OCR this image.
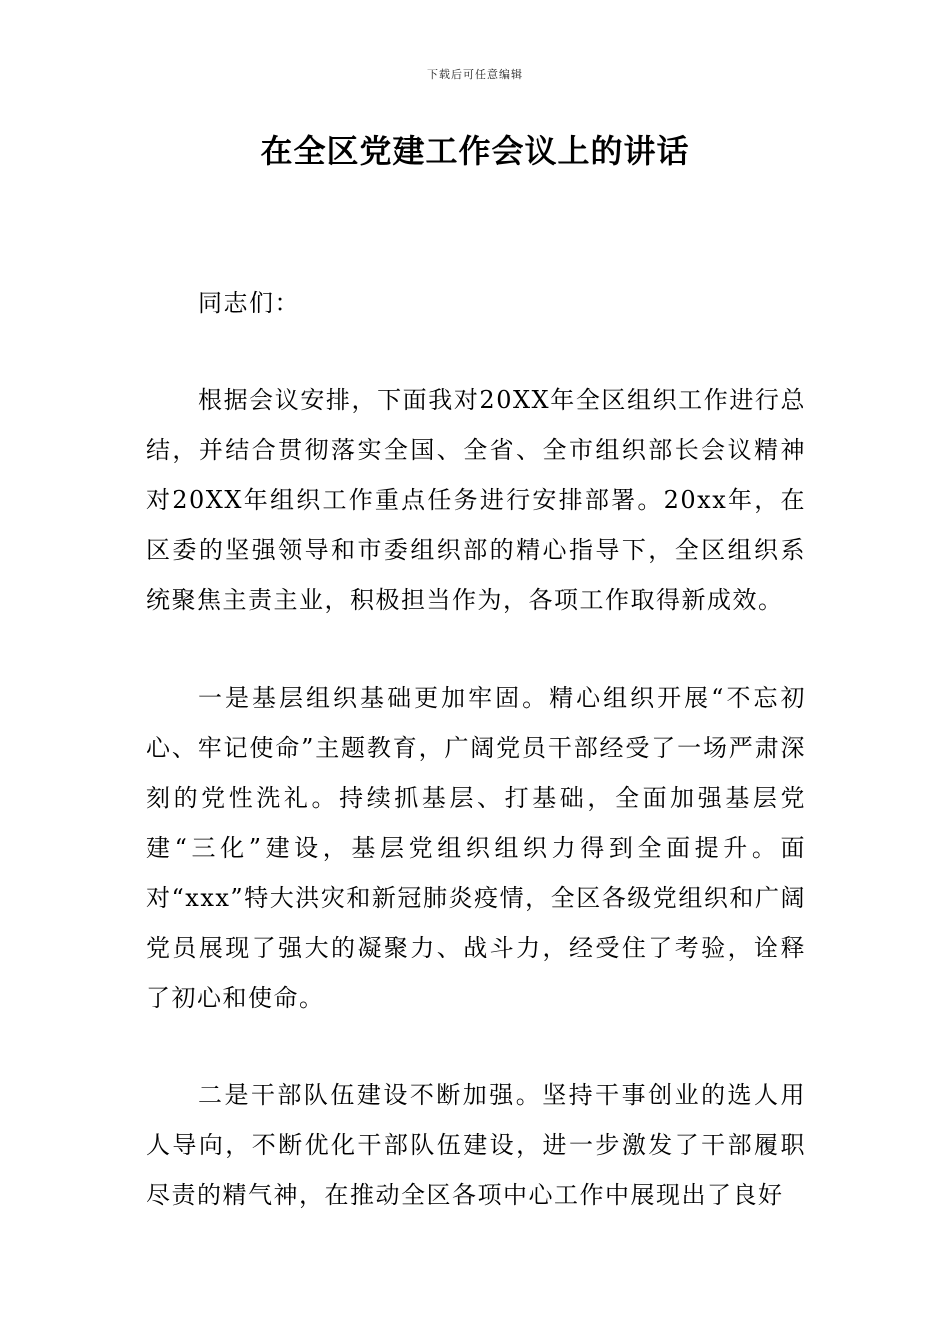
下载后可任意编辑
在全区党建工作会议上的讲话

同志们：

根据会议安排，下面我对20XX年全区组织工作进行总结，并结合贯彻落实全国、全省、全市组织部长会议精神对20XX年组织工作重点任务进行安排部署。20xx年，在区委的坚强领导和市委组织部的精心指导下，全区组织系统聚焦主责主业，积极担当作为，各项工作取得新成效。

一是基层组织基础更加牢固。精心组织开展“不忘初心、牢记使命”主题教育，广阔党员干部经受了一场严肃深刻的党性洗礼。持续抓基层、打基础，全面加强基层党建“三化”建设，基层党组织组织力得到全面提升。面对“xxx”特大洪灾和新冠肺炎疫情，全区各级党组织和广阔党员展现了强大的凝聚力、战斗力，经受住了考验，诠释了初心和使命。

二是干部队伍建设不断加强。坚持干事创业的选人用人导向，不断优化干部队伍建设，进一步激发了干部履职尽责的精气神，在推动全区各项中心工作中展现出了良好
